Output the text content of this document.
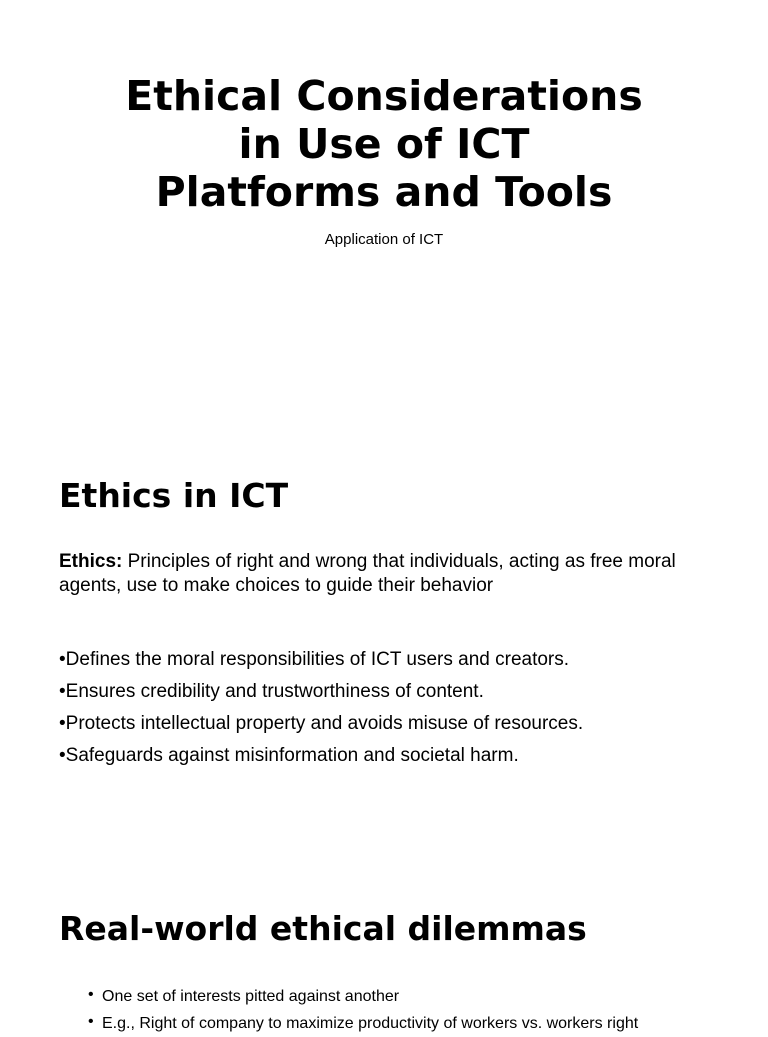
Ethical Considerations
in Use of ICT
Platforms and Tools
Application of ICT
Ethics in ICT

Ethics: Principles of right and wrong that individuals, acting as free moral agents, use to make choices to guide their behavior

• Defines the moral responsibilities of ICT users and creators.
• Ensures credibility and trustworthiness of content.
• Protects intellectual property and avoids misuse of resources.
• Safeguards against misinformation and societal harm.
Real-world ethical dilemmas
• One set of interests pitted against another
• E.g., Right of company to maximize productivity of workers vs. workers right
